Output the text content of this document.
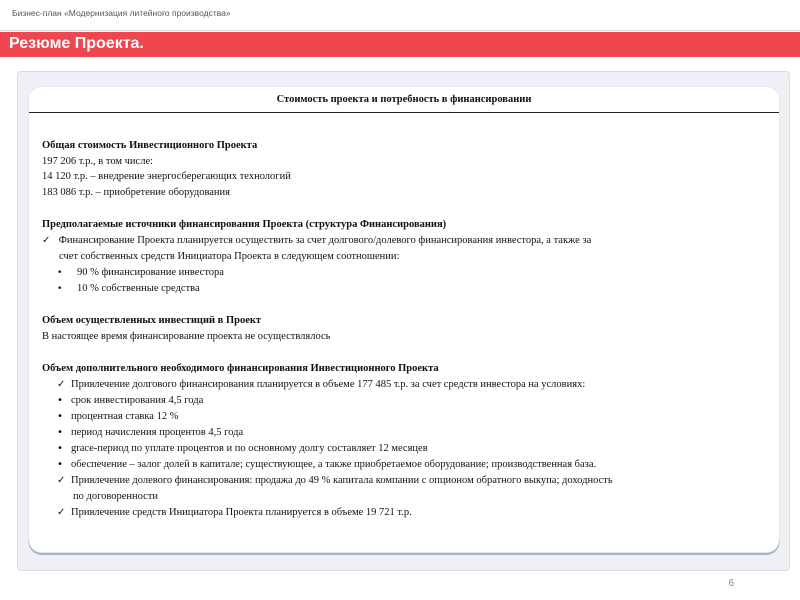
Бизнес-план «Модернизация литейного производства»
Резюме Проекта.
Стоимость проекта и потребность в финансировании
Общая стоимость Инвестиционного Проекта
197 206 т.р., в том числе:
14 120 т.р. – внедрение энергосберегающих технологий
183 086 т.р. – приобретение оборудования
Предполагаемые источники финансирования Проекта (структура Финансирования)
✓ Финансирование Проекта планируется осуществить за счет долгового/долевого финансирования инвестора, а также за
счет собственных средств Инициатора Проекта в следующем соотношении:
• 90 % финансирование инвестора
• 10 % собственные средства
Объем осуществленных инвестиций в Проект
В настоящее время финансирование проекта не осуществлялось
Объем дополнительного необходимого финансирования Инвестиционного Проекта
✓ Привлечение долгового финансирования планируется в объеме 177 485 т.р. за счет средств инвестора на условиях:
• срок инвестирования 4,5 года
• процентная ставка 12 %
• период начисления процентов 4,5 года
• grace-период по уплате процентов и по основному долгу составляет 12 месяцев
• обеспечение – залог долей в капитале; существующее, а также приобретаемое оборудование; производственная база.
✓ Привлечение долевого финансирования: продажа до 49 % капитала компании с опционом обратного выкупа; доходность
по договоренности
✓ Привлечение средств Инициатора Проекта планируется в объеме 19 721 т.р.
6
